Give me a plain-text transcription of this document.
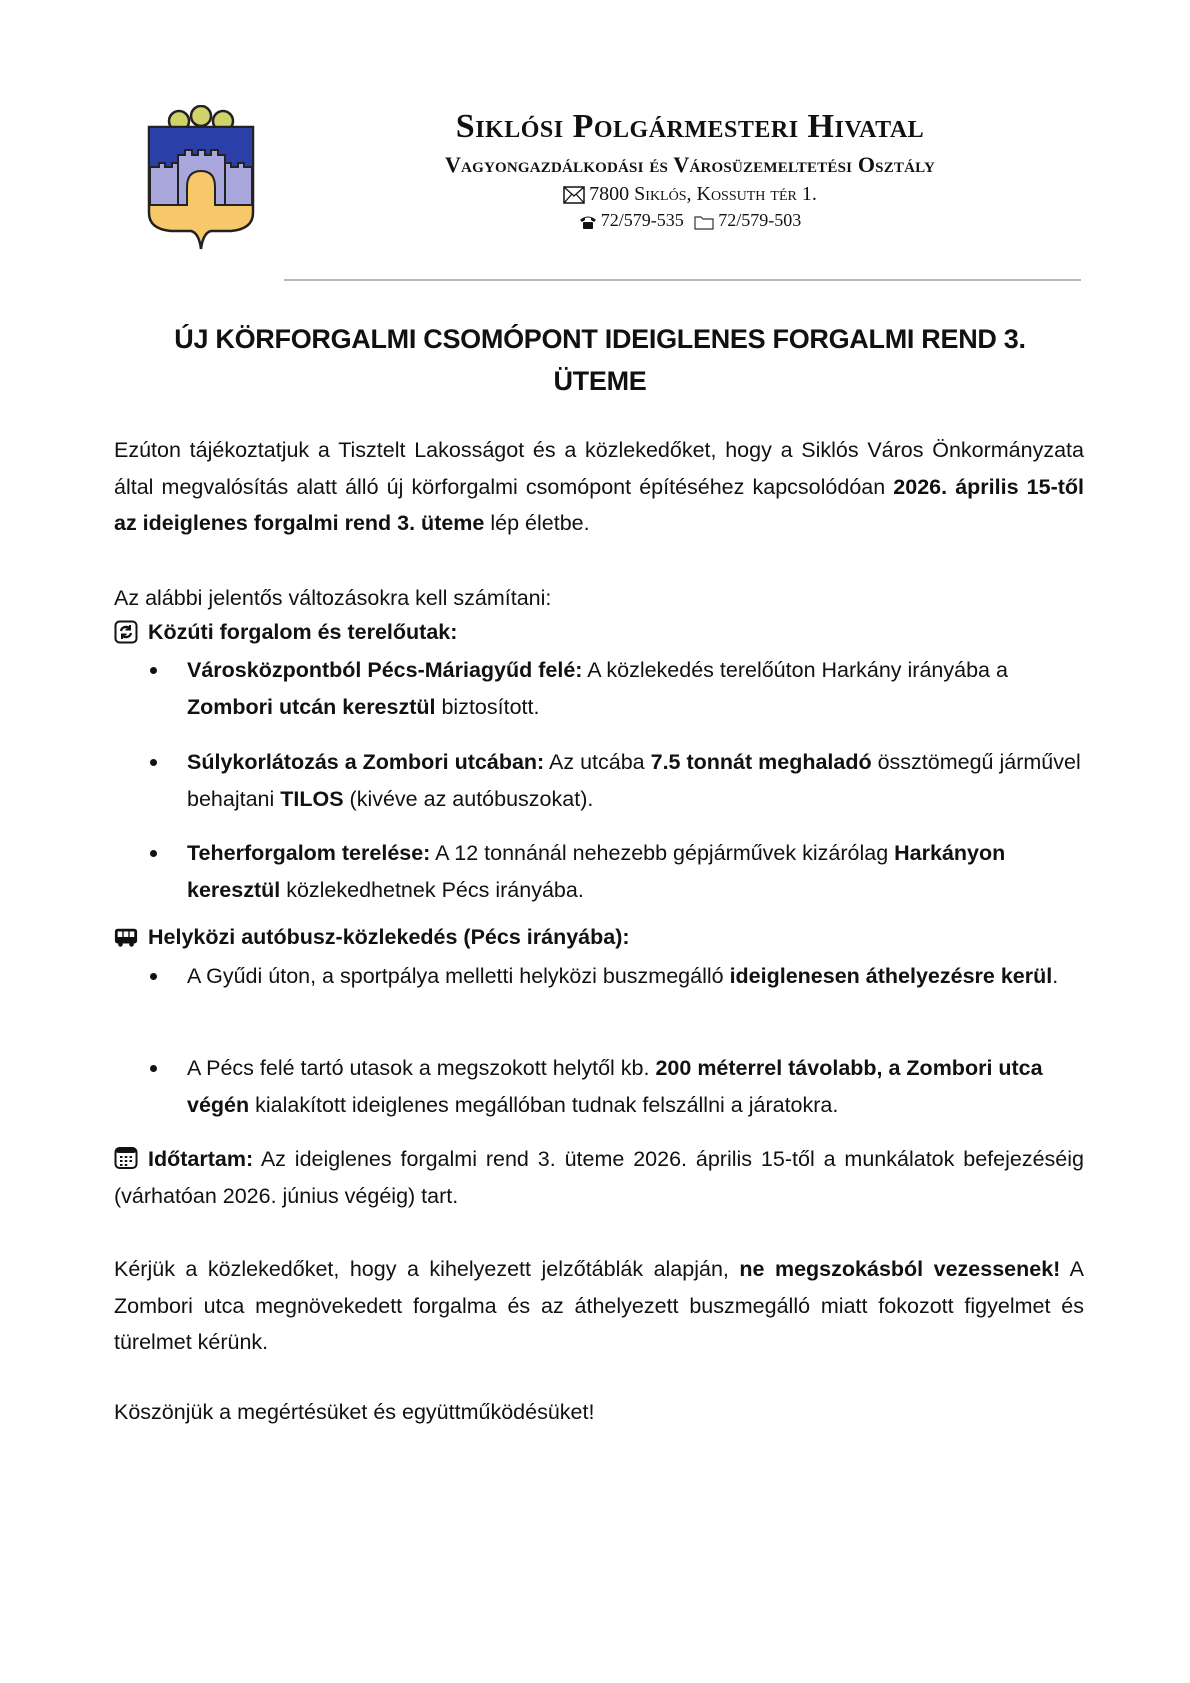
Siklósi Polgármesteri Hivatal
Vagyongazdálkodási és Városüzemeltetési Osztály
7800 Siklós, Kossuth tér 1.
72/579-535 72/579-503
ÚJ KÖRFORGALMI CSOMÓPONT IDEIGLENES FORGALMI REND 3.
ÜTEME
Ezúton tájékoztatjuk a Tisztelt Lakosságot és a közlekedőket, hogy a Siklós Város Önkormányzata által megvalósítás alatt álló új körforgalmi csomópont építéséhez kapcsolódóan 2026. április 15-től az ideiglenes forgalmi rend 3. üteme lép életbe.
Az alábbi jelentős változásokra kell számítani:
Közúti forgalom és terelőutak:
Városközpontból Pécs-Máriagyűd felé: A közlekedés terelőúton Harkány irányába a Zombori utcán keresztül biztosított.
Súlykorlátozás a Zombori utcában: Az utcába 7.5 tonnát meghaladó össztömegű járművel behajtani TILOS (kivéve az autóbuszokat).
Teherforgalom terelése: A 12 tonnánál nehezebb gépjárművek kizárólag Harkányon keresztül közlekedhetnek Pécs irányába.
Helyközi autóbusz-közlekedés (Pécs irányába):
A Gyűdi úton, a sportpálya melletti helyközi buszmegálló ideiglenesen áthelyezésre kerül.
A Pécs felé tartó utasok a megszokott helytől kb. 200 méterrel távolabb, a Zombori utca végén kialakított ideiglenes megállóban tudnak felszállni a járatokra.
Időtartam: Az ideiglenes forgalmi rend 3. üteme 2026. április 15-től a munkálatok befejezéséig (várhatóan 2026. június végéig) tart.
Kérjük a közlekedőket, hogy a kihelyezett jelzőtáblák alapján, ne megszokásból vezessenek! A Zombori utca megnövekedett forgalma és az áthelyezett buszmegálló miatt fokozott figyelmet és türelmet kérünk.
Köszönjük a megértésüket és együttműködésüket!
